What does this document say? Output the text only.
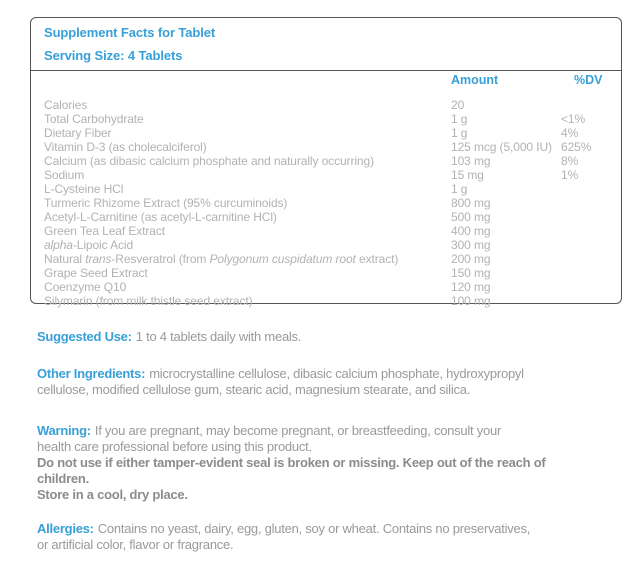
Supplement Facts for Tablet
Serving Size: 4 Tablets
Amount	%DV
Calories	20
Total Carbohydrate	1 g	<1%
Dietary Fiber	1 g	4%
Vitamin D-3 (as cholecalciferol)	125 mcg (5,000 IU) 625%
Calcium (as dibasic calcium phosphate and naturally occurring)	103 mg	8%
Sodium	15 mg	1%
L-Cysteine HCl	1 g
Turmeric Rhizome Extract (95% curcuminoids)	800 mg
Acetyl-L-Carnitine (as acetyl-L-carnitine HCl)	500 mg
Green Tea Leaf Extract	400 mg
alpha-Lipoic Acid	300 mg
Natural trans-Resveratrol (from Polygonum cuspidatum root extract)	200 mg
Grape Seed Extract	150 mg
Coenzyme Q10	120 mg
Silymarin (from milk thistle seed extract)	100 mg
Suggested Use: 1 to 4 tablets daily with meals.
Other Ingredients: microcrystalline cellulose, dibasic calcium phosphate, hydroxypropyl
cellulose, modified cellulose gum, stearic acid, magnesium stearate, and silica.
Warning: If you are pregnant, may become pregnant, or breastfeeding, consult your
health care professional before using this product.
Do not use if either tamper-evident seal is broken or missing. Keep out of the reach of
children.
Store in a cool, dry place.
Allergies: Contains no yeast, dairy, egg, gluten, soy or wheat. Contains no preservatives,
or artificial color, flavor or fragrance.
